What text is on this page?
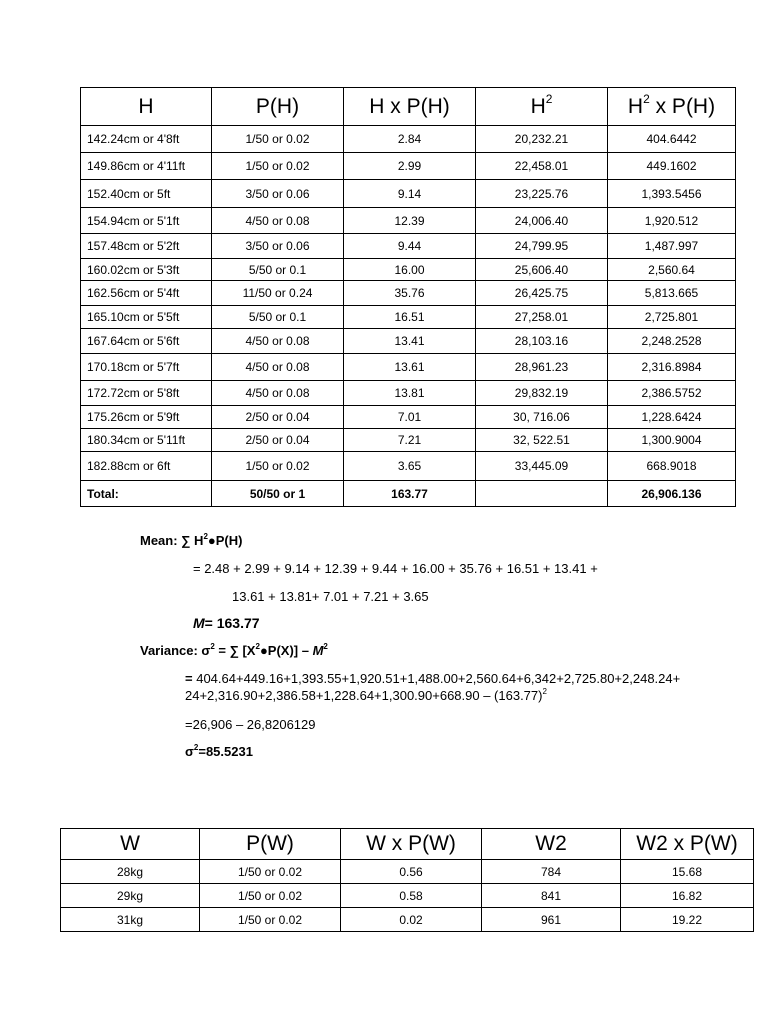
H	P(H)	H x P(H)	$H^2$	$H^2$ x P(H)
142.24cm or 4'8ft	1/50 or 0.02	2.84	20,232.21	404.6442
149.86cm or 4'11ft	1/50 or 0.02	2.99	22,458.01	449.1602
152.40cm or 5ft	3/50 or 0.06	9.14	23,225.76	1,393.5456
154.94cm or 5'1ft	4/50 or 0.08	12.39	24,006.40	1,920.512
157.48cm or 5'2ft	3/50 or 0.06	9.44	24,799.95	1,487.997
160.02cm or 5'3ft	5/50 or 0.1	16.00	25,606.40	2,560.64
162.56cm or 5'4ft	11/50 or 0.24	35.76	26,425.75	5,813.665
165.10cm or 5'5ft	5/50 or 0.1	16.51	27,258.01	2,725.801
167.64cm or 5'6ft	4/50 or 0.08	13.41	28,103.16	2,248.2528
170.18cm or 5'7ft	4/50 or 0.08	13.61	28,961.23	2,316.8984
172.72cm or 5'8ft	4/50 or 0.08	13.81	29,832.19	2,386.5752
175.26cm or 5'9ft	2/50 or 0.04	7.01	30, 716.06	1,228.6424
180.34cm or 5'11ft	2/50 or 0.04	7.21	32, 522.51	1,300.9004
182.88cm or 6ft	1/50 or 0.02	3.65	33,445.09	668.9018
Total:	50/50 or 1	163.77		26,906.136
Mean: ∑ $H^2●P(H)$
= 2.48 + 2.99 + 9.14 + 12.39 + 9.44 + 16.00 + 35.76 + 16.51 + 13.41 +
13.61 + 13.81+ 7.01 + 7.21 + 3.65
M= 163.77
Variance: $\sigma^2$ = ∑ $[X^2●P(X)] - M^2$
= $404.64+449.16+1,393.55+1,920.51+1,488.00+2,560.64+6,342+2,725.80+2,248.24+24+2,316.90+2,386.58+1,228.64+1,300.90+668.90 - (163.77)^2$
=26,906 – 26,8206129
$\sigma^2=85.5231$
W	P(W)	W x P(W)	W2	W2 x P(W)
28kg	1/50 or 0.02	0.56	784	15.68
29kg	1/50 or 0.02	0.58	841	16.82
31kg	1/50 or 0.02	0.02	961	19.22
